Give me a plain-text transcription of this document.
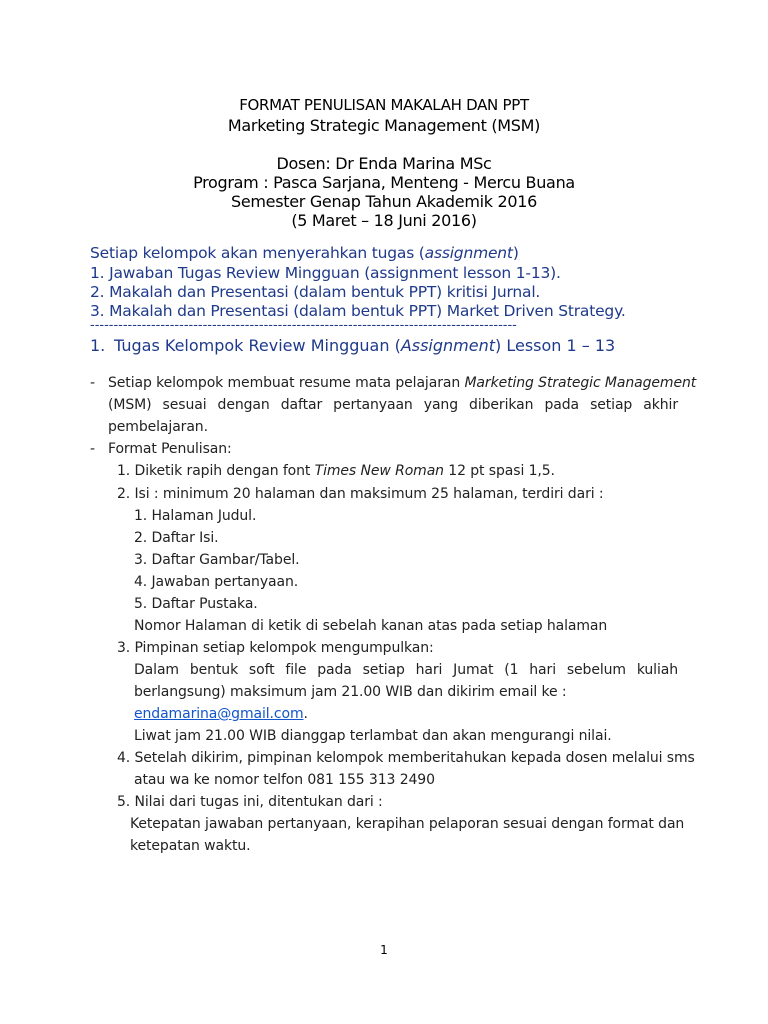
FORMAT PENULISAN MAKALAH DAN PPT
Marketing Strategic Management (MSM)
Dosen: Dr Enda Marina MSc
Program : Pasca Sarjana, Menteng - Mercu Buana
Semester Genap Tahun Akademik 2016
(5 Maret – 18 Juni 2016)
Setiap kelompok akan menyerahkan tugas (assignment)
1. Jawaban Tugas Review Mingguan (assignment lesson 1-13).
2. Makalah dan Presentasi (dalam bentuk PPT) kritisi Jurnal.
3. Makalah dan Presentasi (dalam bentuk PPT) Market Driven Strategy.
-------------------------------------------------------------------------------------------
1. Tugas Kelompok Review Mingguan (Assignment) Lesson 1 – 13
- Setiap kelompok membuat resume mata pelajaran Marketing Strategic Management
(MSM) sesuai dengan daftar pertanyaan yang diberikan pada setiap akhir
pembelajaran.
- Format Penulisan:
1. Diketik rapih dengan font Times New Roman 12 pt spasi 1,5.
2. Isi : minimum 20 halaman dan maksimum 25 halaman, terdiri dari :
1. Halaman Judul.
2. Daftar Isi.
3. Daftar Gambar/Tabel.
4. Jawaban pertanyaan.
5. Daftar Pustaka.
Nomor Halaman di ketik di sebelah kanan atas pada setiap halaman
3. Pimpinan setiap kelompok mengumpulkan:
Dalam bentuk soft file pada setiap hari Jumat (1 hari sebelum kuliah
berlangsung) maksimum jam 21.00 WIB dan dikirim email ke :
endamarina@gmail.com.
Liwat jam 21.00 WIB dianggap terlambat dan akan mengurangi nilai.
4. Setelah dikirim, pimpinan kelompok memberitahukan kepada dosen melalui sms
atau wa ke nomor telfon 081 155 313 2490
5. Nilai dari tugas ini, ditentukan dari :
Ketepatan jawaban pertanyaan, kerapihan pelaporan sesuai dengan format dan
ketepatan waktu.
1
